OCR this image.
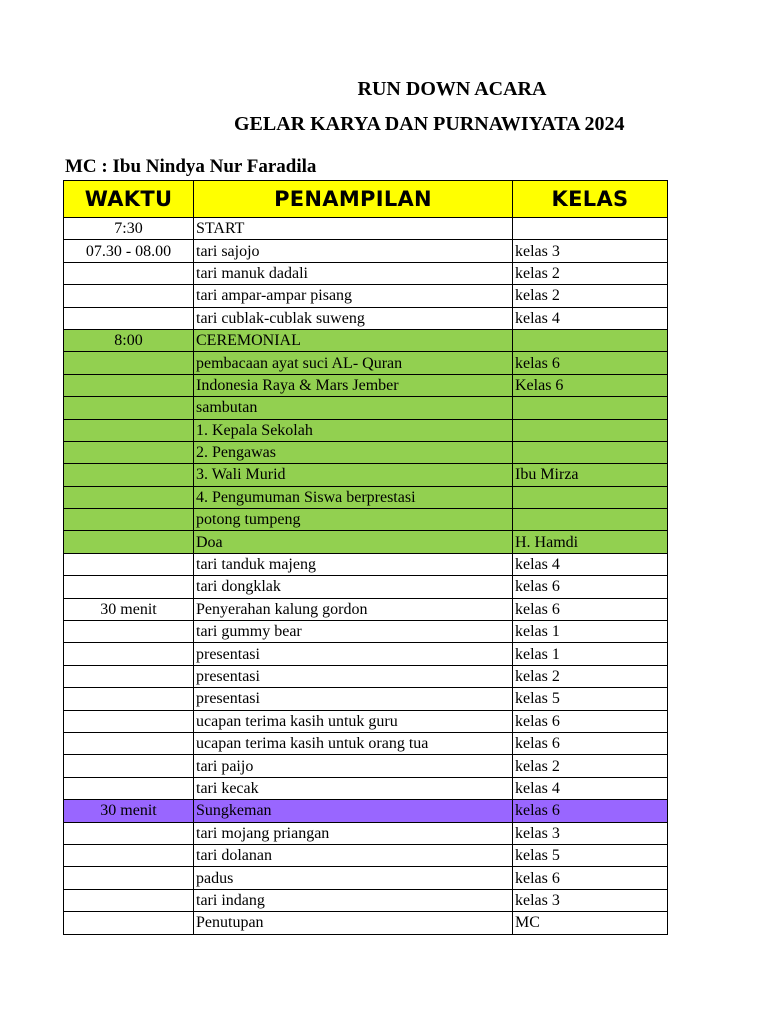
RUN DOWN ACARA
GELAR KARYA DAN PURNAWIYATA 2024
MC : Ibu Nindya Nur Faradila
WAKTU	PENAMPILAN	KELAS
7:30	START	
07.30 - 08.00	tari sajojo	kelas 3
	tari manuk dadali	kelas 2
	tari ampar-ampar pisang	kelas 2
	tari cublak-cublak suweng	kelas 4
8:00	CEREMONIAL	
	pembacaan ayat suci AL- Quran	kelas 6
	Indonesia Raya & Mars Jember	Kelas 6
	sambutan	
	1. Kepala Sekolah	
	2. Pengawas	
	3. Wali Murid	Ibu Mirza
	4. Pengumuman Siswa berprestasi	
	potong tumpeng	
	Doa	H. Hamdi
	tari tanduk majeng	kelas 4
	tari dongklak	kelas 6
30 menit	Penyerahan kalung gordon	kelas 6
	tari gummy bear	kelas 1
	presentasi	kelas 1
	presentasi	kelas 2
	presentasi	kelas 5
	ucapan terima kasih untuk guru	kelas 6
	ucapan terima kasih untuk orang tua	kelas 6
	tari paijo	kelas 2
	tari kecak	kelas 4
30 menit	Sungkeman	kelas 6
	tari mojang priangan	kelas 3
	tari dolanan	kelas 5
	padus	kelas 6
	tari indang	kelas 3
	Penutupan	MC
